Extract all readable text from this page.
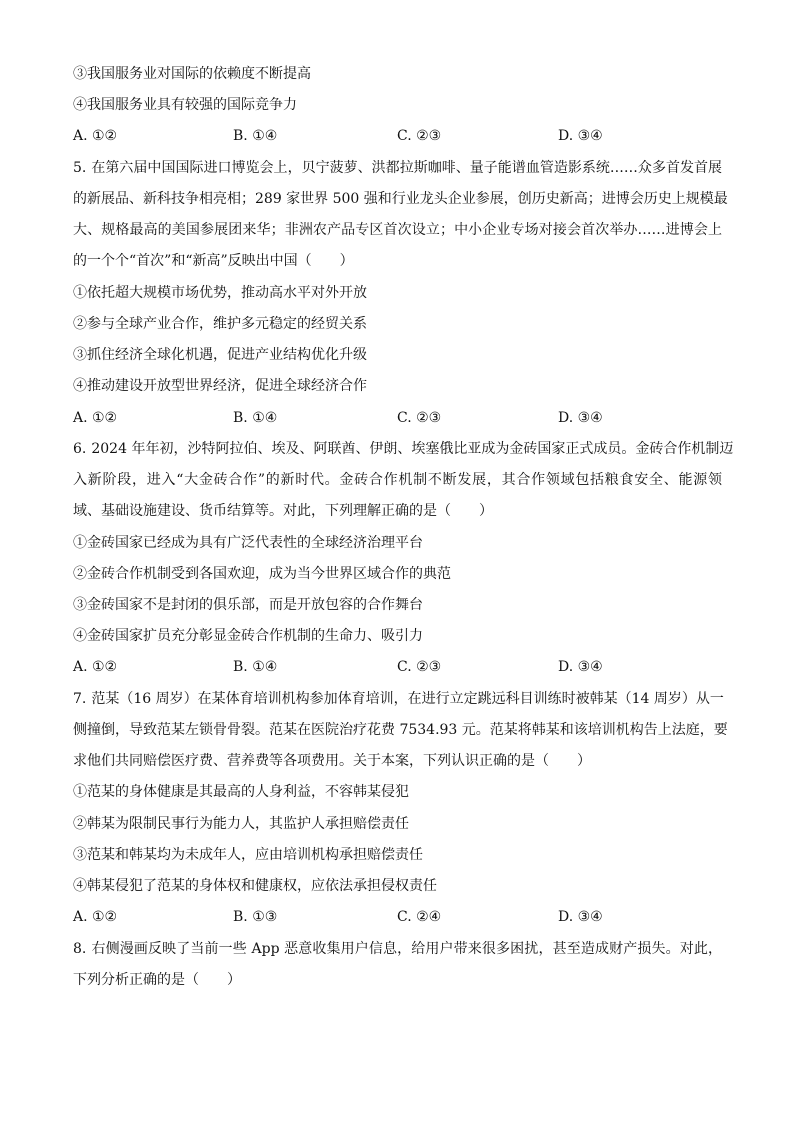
③我国服务业对国际的依赖度不断提高
④我国服务业具有较强的国际竞争力
A. ①②	B. ①④	C. ②③	D. ③④
5. 在第六届中国国际进口博览会上，贝宁菠萝、洪都拉斯咖啡、量子能谱血管造影系统……众多首发首展
的新展品、新科技争相亮相；289 家世界 500 强和行业龙头企业参展，创历史新高；进博会历史上规模最
大、规格最高的美国参展团来华；非洲农产品专区首次设立；中小企业专场对接会首次举办……进博会上
的一个个“首次”和“新高”反映出中国（　　）
①依托超大规模市场优势，推动高水平对外开放
②参与全球产业合作，维护多元稳定的经贸关系
③抓住经济全球化机遇，促进产业结构优化升级
④推动建设开放型世界经济，促进全球经济合作
A. ①②	B. ①④	C. ②③	D. ③④
6. 2024 年年初，沙特阿拉伯、埃及、阿联酋、伊朗、埃塞俄比亚成为金砖国家正式成员。金砖合作机制迈
入新阶段，进入“大金砖合作”的新时代。金砖合作机制不断发展，其合作领域包括粮食安全、能源领
域、基础设施建设、货币结算等。对此，下列理解正确的是（　　）
①金砖国家已经成为具有广泛代表性的全球经济治理平台
②金砖合作机制受到各国欢迎，成为当今世界区域合作的典范
③金砖国家不是封闭的俱乐部，而是开放包容的合作舞台
④金砖国家扩员充分彰显金砖合作机制的生命力、吸引力
A. ①②	B. ①④	C. ②③	D. ③④
7. 范某（16 周岁）在某体育培训机构参加体育培训，在进行立定跳远科目训练时被韩某（14 周岁）从一
侧撞倒，导致范某左锁骨骨裂。范某在医院治疗花费 7534.93 元。范某将韩某和该培训机构告上法庭，要
求他们共同赔偿医疗费、营养费等各项费用。关于本案，下列认识正确的是（　　）
①范某的身体健康是其最高的人身利益，不容韩某侵犯
②韩某为限制民事行为能力人，其监护人承担赔偿责任
③范某和韩某均为未成年人，应由培训机构承担赔偿责任
④韩某侵犯了范某的身体权和健康权，应依法承担侵权责任
A. ①②	B. ①③	C. ②④	D. ③④
8. 右侧漫画反映了当前一些 App 恶意收集用户信息，给用户带来很多困扰，甚至造成财产损失。对此，
下列分析正确的是（　　）
